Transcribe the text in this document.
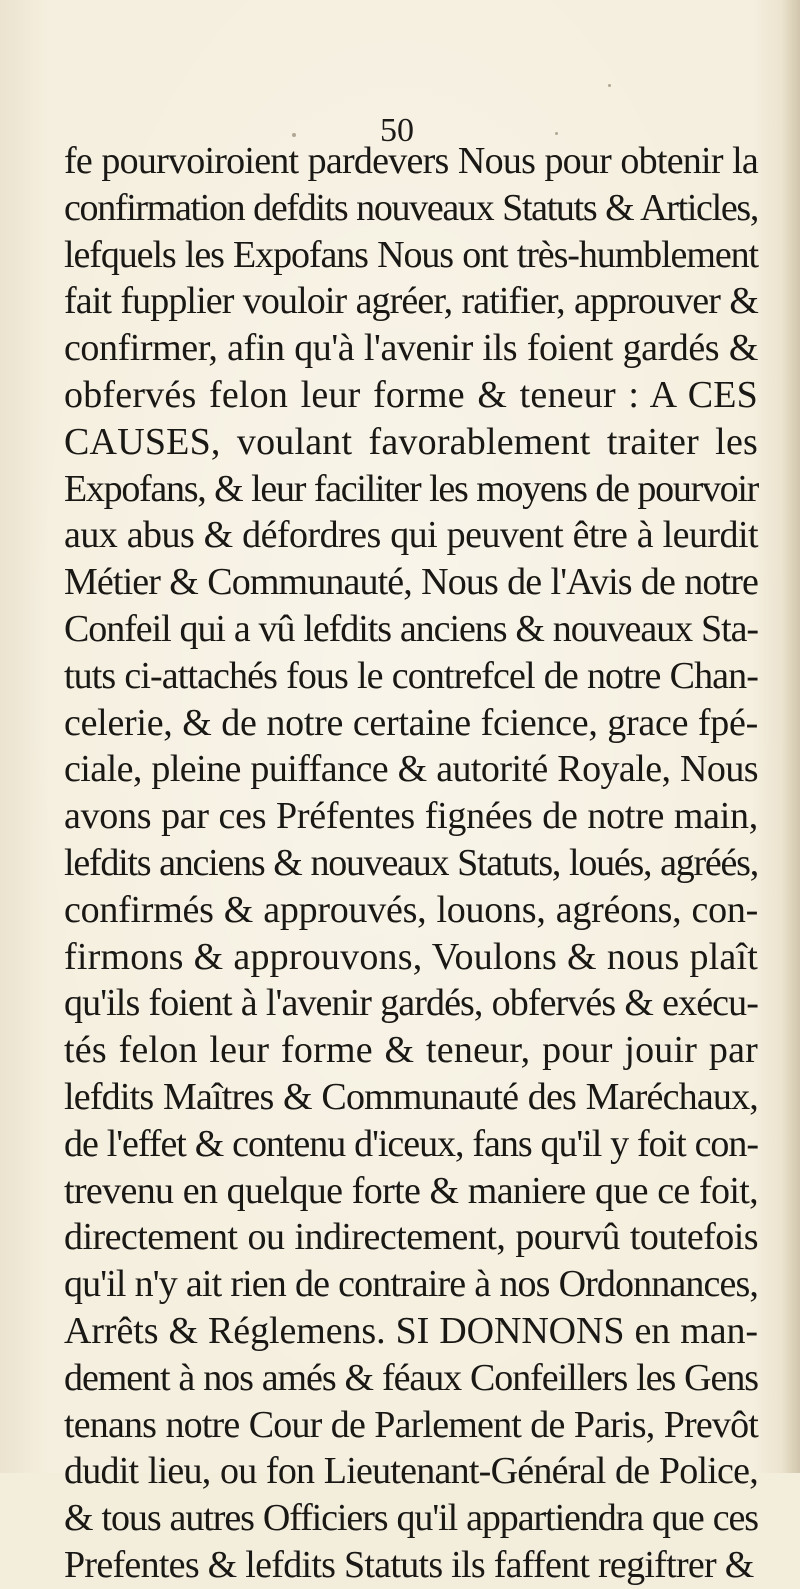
50
fe pourvoiroient pardevers Nous pour obtenir la
confirmation defdits nouveaux Statuts & Articles,
lefquels les Expofans Nous ont très-humblement
fait fupplier vouloir agréer, ratifier, approuver &
confirmer, afin qu'à l'avenir ils foient gardés &
obfervés felon leur forme & teneur : A CES
CAUSES, voulant favorablement traiter les
Expofans, & leur faciliter les moyens de pourvoir
aux abus & défordres qui peuvent être à leurdit
Métier & Communauté, Nous de l'Avis de notre
Confeil qui a vû lefdits anciens & nouveaux Sta-
tuts ci-attachés fous le contrefcel de notre Chan-
celerie, & de notre certaine fcience, grace fpé-
ciale, pleine puiffance & autorité Royale, Nous
avons par ces Préfentes fignées de notre main,
lefdits anciens & nouveaux Statuts, loués, agréés,
confirmés & approuvés, louons, agréons, con-
firmons & approuvons, Voulons & nous plaît
qu'ils foient à l'avenir gardés, obfervés & exécu-
tés felon leur forme & teneur, pour jouir par
lefdits Maîtres & Communauté des Maréchaux,
de l'effet & contenu d'iceux, fans qu'il y foit con-
trevenu en quelque forte & maniere que ce foit,
directement ou indirectement, pourvû toutefois
qu'il n'y ait rien de contraire à nos Ordonnances,
Arrêts & Réglemens. SI DONNONS en man-
dement à nos amés & féaux Confeillers les Gens
tenans notre Cour de Parlement de Paris, Prevôt
dudit lieu, ou fon Lieutenant-Général de Police,
& tous autres Officiers qu'il appartiendra que ces
Prefentes & lefdits Statuts ils faffent regiftrer &
